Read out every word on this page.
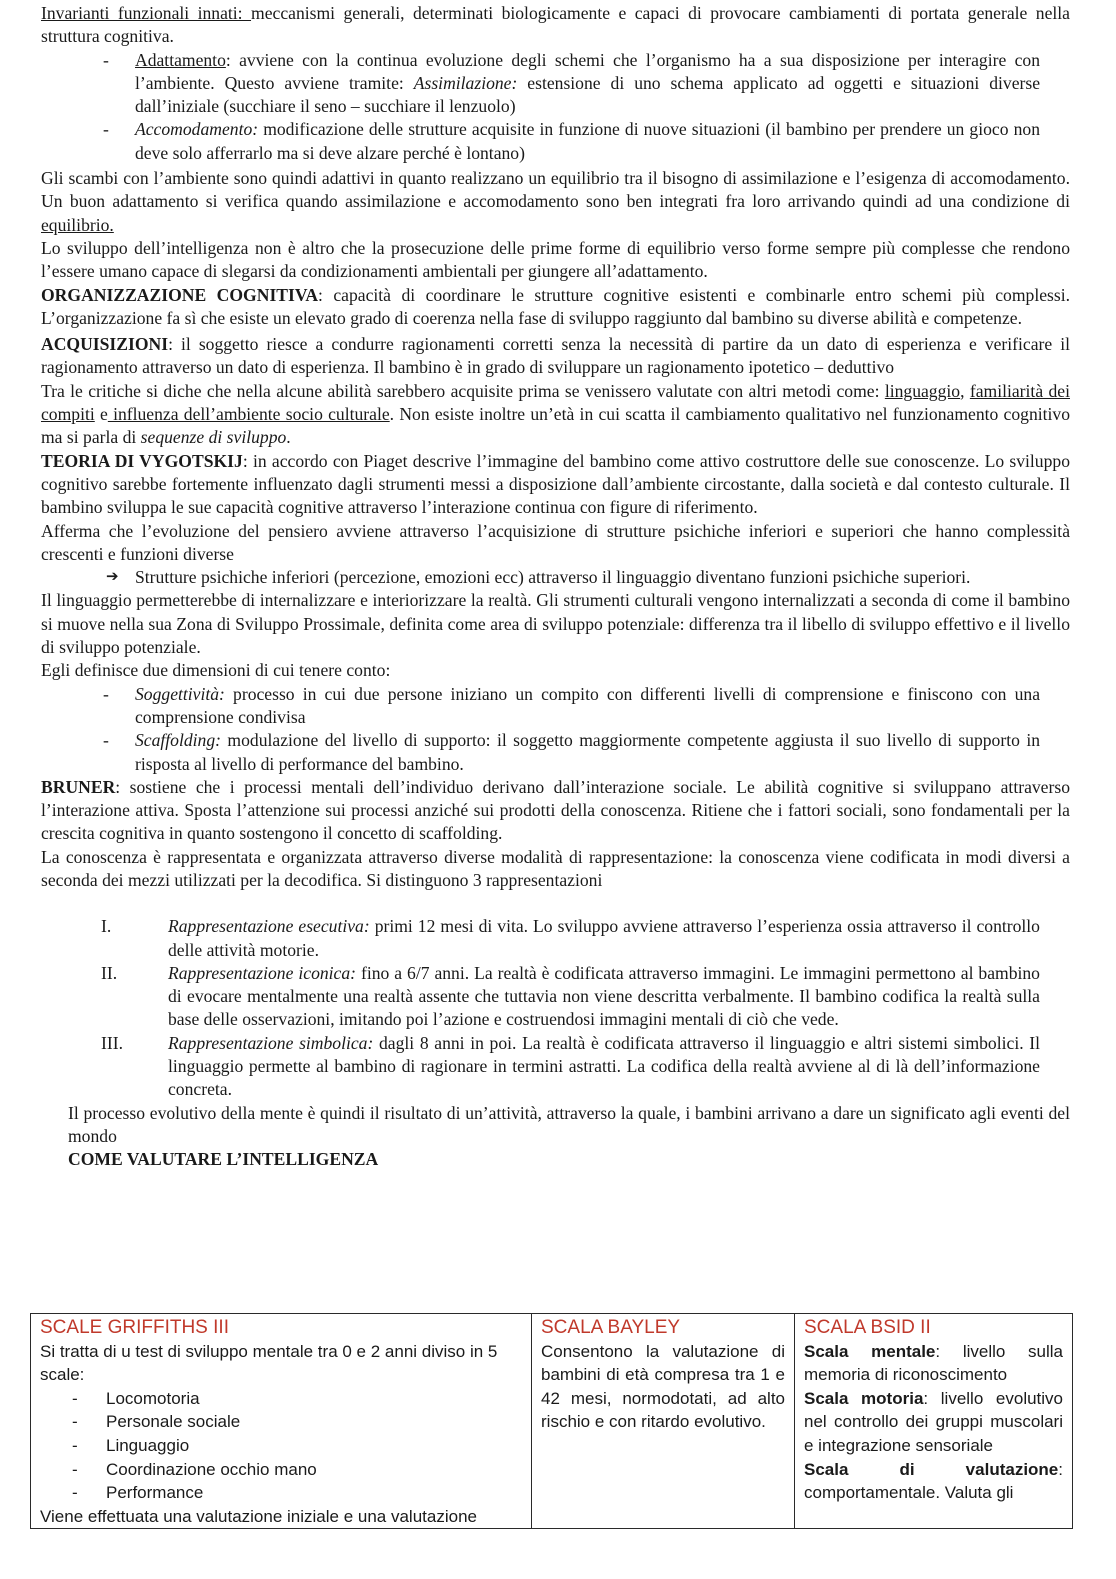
Invarianti funzionali innati: meccanismi generali, determinati biologicamente e capaci di provocare cambiamenti di portata generale nella struttura cognitiva.

-	Adattamento: avviene con la continua evoluzione degli schemi che l’organismo ha a sua disposizione per interagire con l’ambiente. Questo avviene tramite: Assimilazione: estensione di uno schema applicato ad oggetti e situazioni diverse dall’iniziale (succhiare il seno – succhiare il lenzuolo)
-	Accomodamento: modificazione delle strutture acquisite in funzione di nuove situazioni (il bambino per prendere un gioco non deve solo afferrarlo ma si deve alzare perché è lontano)

Gli scambi con l’ambiente sono quindi adattivi in quanto realizzano un equilibrio tra il bisogno di assimilazione e l’esigenza di accomodamento. Un buon adattamento si verifica quando assimilazione e accomodamento sono ben integrati fra loro arrivando quindi ad una condizione di equilibrio.

Lo sviluppo dell’intelligenza non è altro che la prosecuzione delle prime forme di equilibrio verso forme sempre più complesse che rendono l’essere umano capace di slegarsi da condizionamenti ambientali per giungere all’adattamento.

ORGANIZZAZIONE COGNITIVA: capacità di coordinare le strutture cognitive esistenti e combinarle entro schemi più complessi. L’organizzazione fa sì che esiste un elevato grado di coerenza nella fase di sviluppo raggiunto dal bambino su diverse abilità e competenze.

ACQUISIZIONI: il soggetto riesce a condurre ragionamenti corretti senza la necessità di partire da un dato di esperienza e verificare il ragionamento attraverso un dato di esperienza. Il bambino è in grado di sviluppare un ragionamento ipotetico – deduttivo

Tra le critiche si diche che nella alcune abilità sarebbero acquisite prima se venissero valutate con altri metodi come: linguaggio, familiarità dei compiti e influenza dell’ambiente socio culturale. Non esiste inoltre un’età in cui scatta il cambiamento qualitativo nel funzionamento cognitivo ma si parla di sequenze di sviluppo.

TEORIA DI VYGOTSKIJ: in accordo con Piaget descrive l’immagine del bambino come attivo costruttore delle sue conoscenze. Lo sviluppo cognitivo sarebbe fortemente influenzato dagli strumenti messi a disposizione dall’ambiente circostante, dalla società e dal contesto culturale. Il bambino sviluppa le sue capacità cognitive attraverso l’interazione continua con figure di riferimento.

Afferma che l’evoluzione del pensiero avviene attraverso l’acquisizione di strutture psichiche inferiori e superiori che hanno complessità crescenti e funzioni diverse

➔ Strutture psichiche inferiori (percezione, emozioni ecc) attraverso il linguaggio diventano funzioni psichiche superiori.

Il linguaggio permetterebbe di internalizzare e interiorizzare la realtà. Gli strumenti culturali vengono internalizzati a seconda di come il bambino si muove nella sua Zona di Sviluppo Prossimale, definita come area di sviluppo potenziale: differenza tra il libello di sviluppo effettivo e il livello di sviluppo potenziale.

Egli definisce due dimensioni di cui tenere conto:

-	Soggettività: processo in cui due persone iniziano un compito con differenti livelli di comprensione e finiscono con una comprensione condivisa
-	Scaffolding: modulazione del livello di supporto: il soggetto maggiormente competente aggiusta il suo livello di supporto in risposta al livello di performance del bambino.

BRUNER: sostiene che i processi mentali dell’individuo derivano dall’interazione sociale. Le abilità cognitive si sviluppano attraverso l’interazione attiva. Sposta l’attenzione sui processi anziché sui prodotti della conoscenza. Ritiene che i fattori sociali, sono fondamentali per la crescita cognitiva in quanto sostengono il concetto di scaffolding.

La conoscenza è rappresentata e organizzata attraverso diverse modalità di rappresentazione: la conoscenza viene codificata in modi diversi a seconda dei mezzi utilizzati per la decodifica. Si distinguono 3 rappresentazioni

I.	Rappresentazione esecutiva: primi 12 mesi di vita. Lo sviluppo avviene attraverso l’esperienza ossia attraverso il controllo delle attività motorie.
II.	Rappresentazione iconica: fino a 6/7 anni. La realtà è codificata attraverso immagini. Le immagini permettono al bambino di evocare mentalmente una realtà assente che tuttavia non viene descritta verbalmente. Il bambino codifica la realtà sulla base delle osservazioni, imitando poi l’azione e costruendosi immagini mentali di ciò che vede.
III.	Rappresentazione simbolica: dagli 8 anni in poi. La realtà è codificata attraverso il linguaggio e altri sistemi simbolici. Il linguaggio permette al bambino di ragionare in termini astratti. La codifica della realtà avviene al di là dell’informazione concreta.

Il processo evolutivo della mente è quindi il risultato di un’attività, attraverso la quale, i bambini arrivano a dare un significato agli eventi del mondo

COME VALUTARE L’INTELLIGENZA

SCALE GRIFFITHS III
Si tratta di u test di sviluppo mentale tra 0 e 2 anni diviso in 5 scale:
-	Locomotoria
-	Personale sociale
-	Linguaggio
-	Coordinazione occhio mano
-	Performance
Viene effettuata una valutazione iniziale e una valutazione

SCALA BAYLEY
Consentono la valutazione di bambini di età compresa tra 1 e 42 mesi, normodotati, ad alto rischio e con ritardo evolutivo.

SCALA BSID II
Scala mentale: livello sulla memoria di riconoscimento
Scala motoria: livello evolutivo nel controllo dei gruppi muscolari e integrazione sensoriale
Scala di valutazione: comportamentale. Valuta gli
